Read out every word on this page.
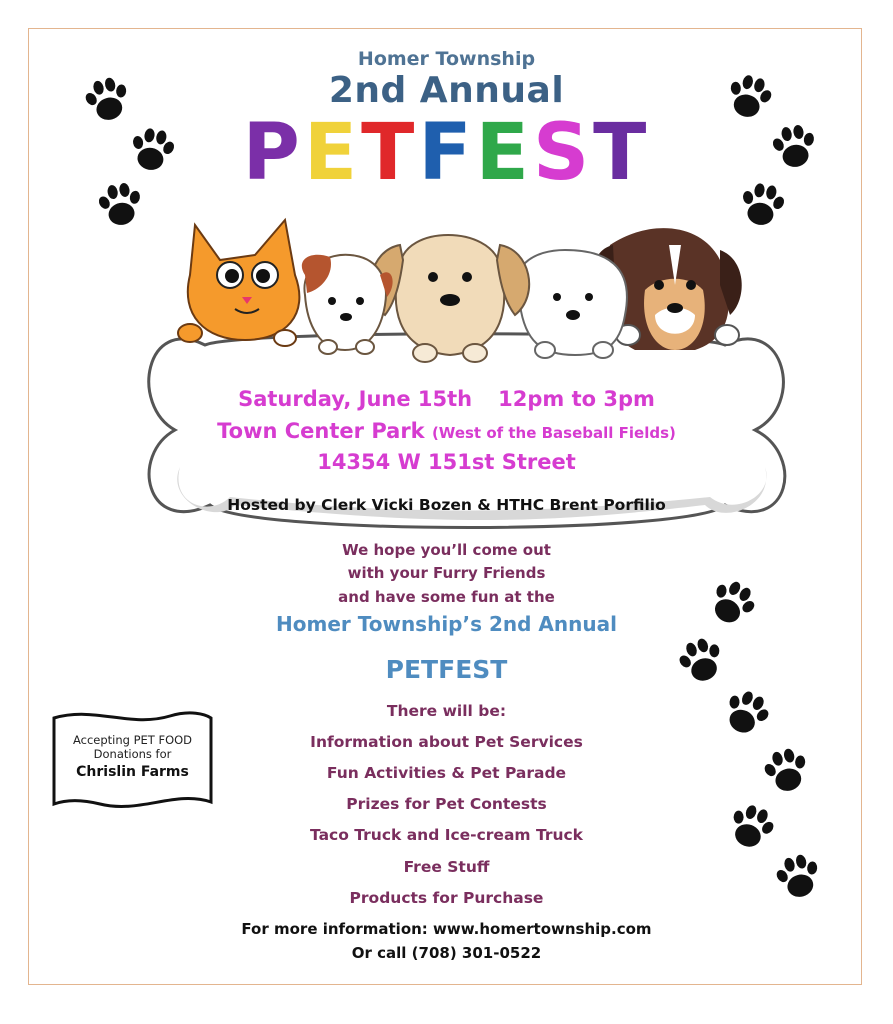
Homer Township
2nd Annual
PETFEST
Saturday, June 15th 12pm to 3pm
Town Center Park (West of the Baseball Fields)
14354 W 151st Street
Hosted by Clerk Vicki Bozen & HTHC Brent Porfilio
We hope you’ll come out
with your Furry Friends
and have some fun at the
Homer Township’s 2nd Annual
PETFEST
There will be:
Information about Pet Services
Fun Activities & Pet Parade
Prizes for Pet Contests
Taco Truck and Ice-cream Truck
Free Stuff
Products for Purchase
For more information: www.homertownship.com
Or call (708) 301-0522
Accepting PET FOOD
Donations for
Chrislin Farms
